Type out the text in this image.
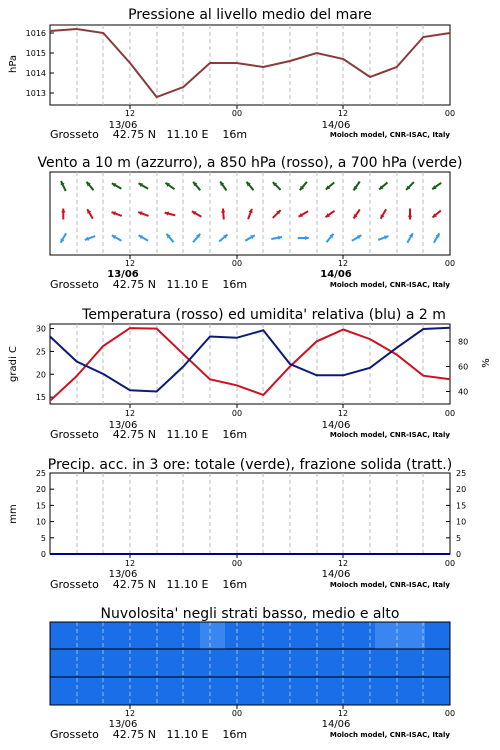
Pressione al livello medio del mare
hPa
1013
1014
1015
1016
12	00	12	00
13/06	14/06
Grosseto    42.75 N   11.10 E    16m	Moloch model, CNR-ISAC, Italy
Vento a 10 m (azzurro), a 850 hPa (rosso), a 700 hPa (verde)
12	00	12	00
13/06	14/06
Grosseto    42.75 N   11.10 E    16m	Moloch model, CNR-ISAC, Italy
Temperatura (rosso) ed umidita' relativa (blu) a 2 m
gradi C	%
15
20
25
30
40
60
80
12	00	12	00
13/06	14/06
Grosseto    42.75 N   11.10 E    16m	Moloch model, CNR-ISAC, Italy
Precip. acc. in 3 ore: totale (verde), frazione solida (tratt.)
mm
0
5
10
15
20
25
0
5
10
15
20
25
12	00	12	00
13/06	14/06
Grosseto    42.75 N   11.10 E    16m	Moloch model, CNR-ISAC, Italy
Nuvolosita' negli strati basso, medio e alto
12	00	12	00
13/06	14/06
Grosseto    42.75 N   11.10 E    16m	Moloch model, CNR-ISAC, Italy
